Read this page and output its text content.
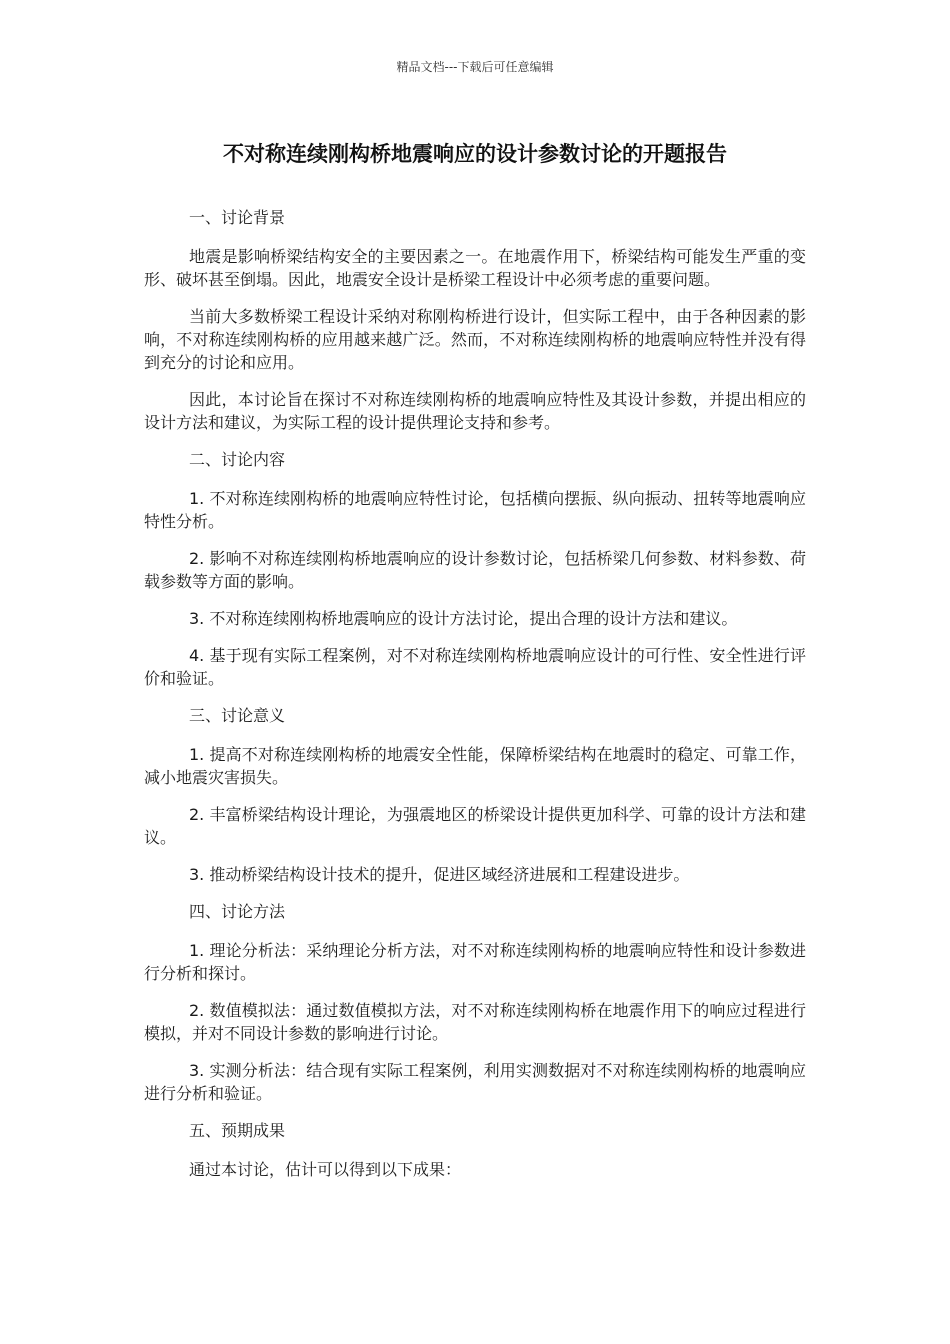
精品文档---下载后可任意编辑
不对称连续刚构桥地震响应的设计参数讨论的开题报告

一、讨论背景

地震是影响桥梁结构安全的主要因素之一。在地震作用下，桥梁结构可能发生严重的变形、破坏甚至倒塌。因此，地震安全设计是桥梁工程设计中必须考虑的重要问题。

当前大多数桥梁工程设计采纳对称刚构桥进行设计，但实际工程中，由于各种因素的影响，不对称连续刚构桥的应用越来越广泛。然而，不对称连续刚构桥的地震响应特性并没有得到充分的讨论和应用。

因此，本讨论旨在探讨不对称连续刚构桥的地震响应特性及其设计参数，并提出相应的设计方法和建议，为实际工程的设计提供理论支持和参考。

二、讨论内容

1. 不对称连续刚构桥的地震响应特性讨论，包括横向摆振、纵向振动、扭转等地震响应特性分析。

2. 影响不对称连续刚构桥地震响应的设计参数讨论，包括桥梁几何参数、材料参数、荷载参数等方面的影响。

3. 不对称连续刚构桥地震响应的设计方法讨论，提出合理的设计方法和建议。

4. 基于现有实际工程案例，对不对称连续刚构桥地震响应设计的可行性、安全性进行评价和验证。

三、讨论意义

1. 提高不对称连续刚构桥的地震安全性能，保障桥梁结构在地震时的稳定、可靠工作，减小地震灾害损失。

2. 丰富桥梁结构设计理论，为强震地区的桥梁设计提供更加科学、可靠的设计方法和建议。

3. 推动桥梁结构设计技术的提升，促进区域经济进展和工程建设进步。

四、讨论方法

1. 理论分析法：采纳理论分析方法，对不对称连续刚构桥的地震响应特性和设计参数进行分析和探讨。

2. 数值模拟法：通过数值模拟方法，对不对称连续刚构桥在地震作用下的响应过程进行模拟，并对不同设计参数的影响进行讨论。

3. 实测分析法：结合现有实际工程案例，利用实测数据对不对称连续刚构桥的地震响应进行分析和验证。

五、预期成果

通过本讨论，估计可以得到以下成果：
